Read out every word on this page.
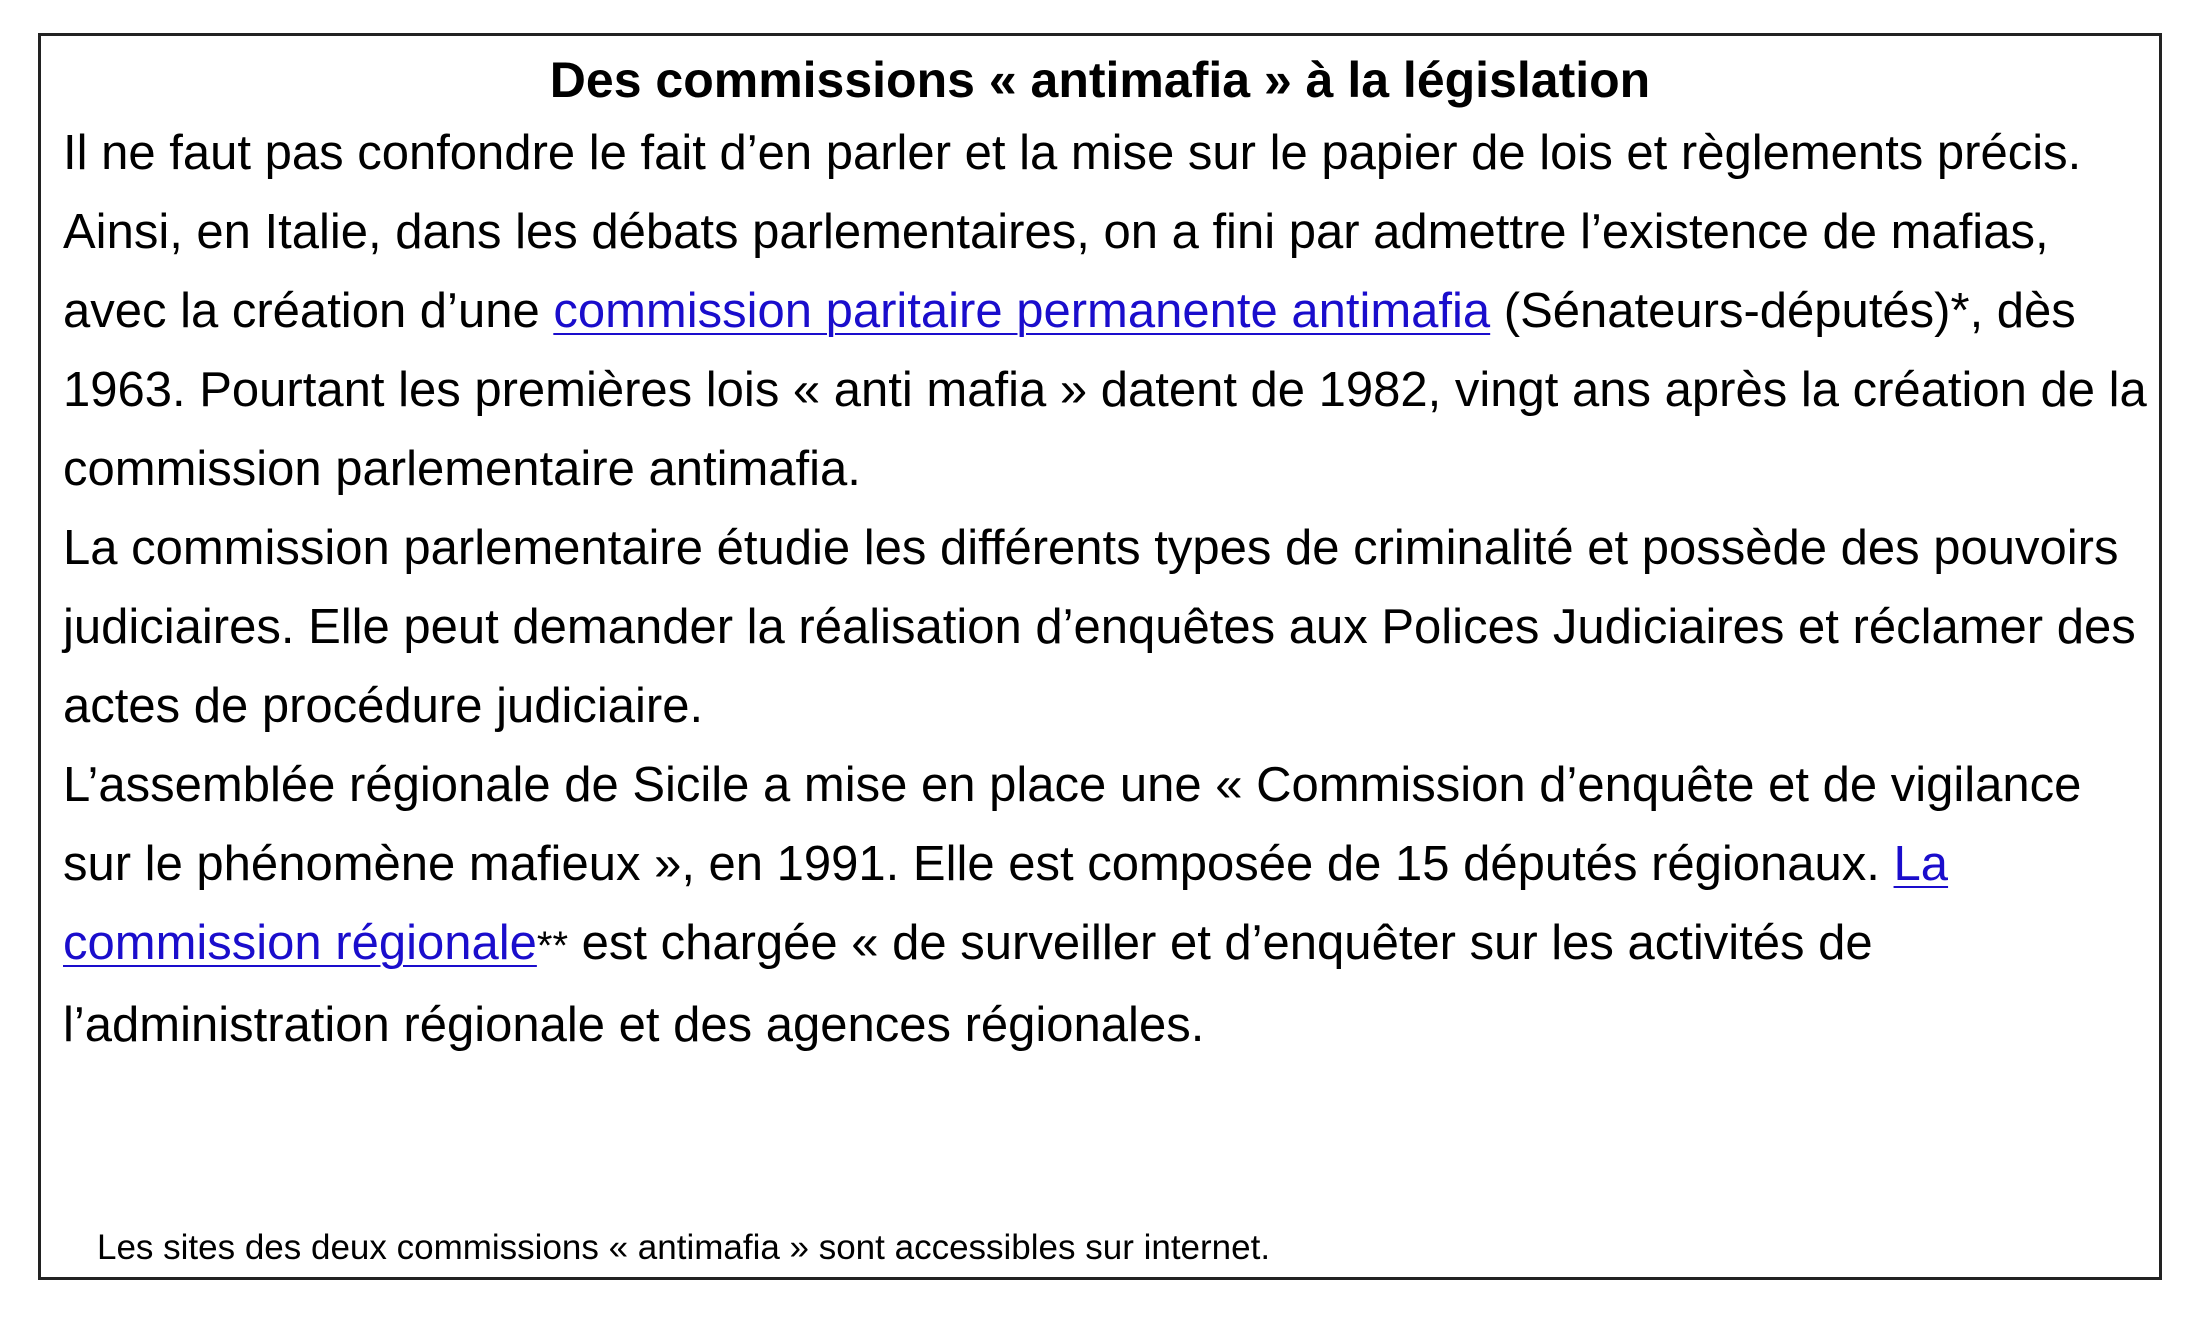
Des commissions « antimafia » à la législation

Il ne faut pas confondre le fait d’en parler et la mise sur le papier de lois et règlements précis. Ainsi, en Italie, dans les débats parlementaires, on a fini par admettre l’existence de mafias, avec la création d’une commission paritaire permanente antimafia (Sénateurs-députés)*, dès 1963. Pourtant les premières lois « anti mafia » datent de 1982, vingt ans après la création de la commission parlementaire antimafia.

La commission parlementaire étudie les différents types de criminalité et possède des pouvoirs judiciaires. Elle peut demander la réalisation d’enquêtes aux Polices Judiciaires et réclamer des actes de procédure judiciaire.

L’assemblée régionale de Sicile a mise en place une « Commission d’enquête et de vigilance sur le phénomène mafieux », en 1991. Elle est composée de 15 députés régionaux. La commission régionale** est chargée « de surveiller et d’enquêter sur les activités de l’administration régionale et des agences régionales.

Les sites des deux commissions « antimafia » sont accessibles sur internet.
